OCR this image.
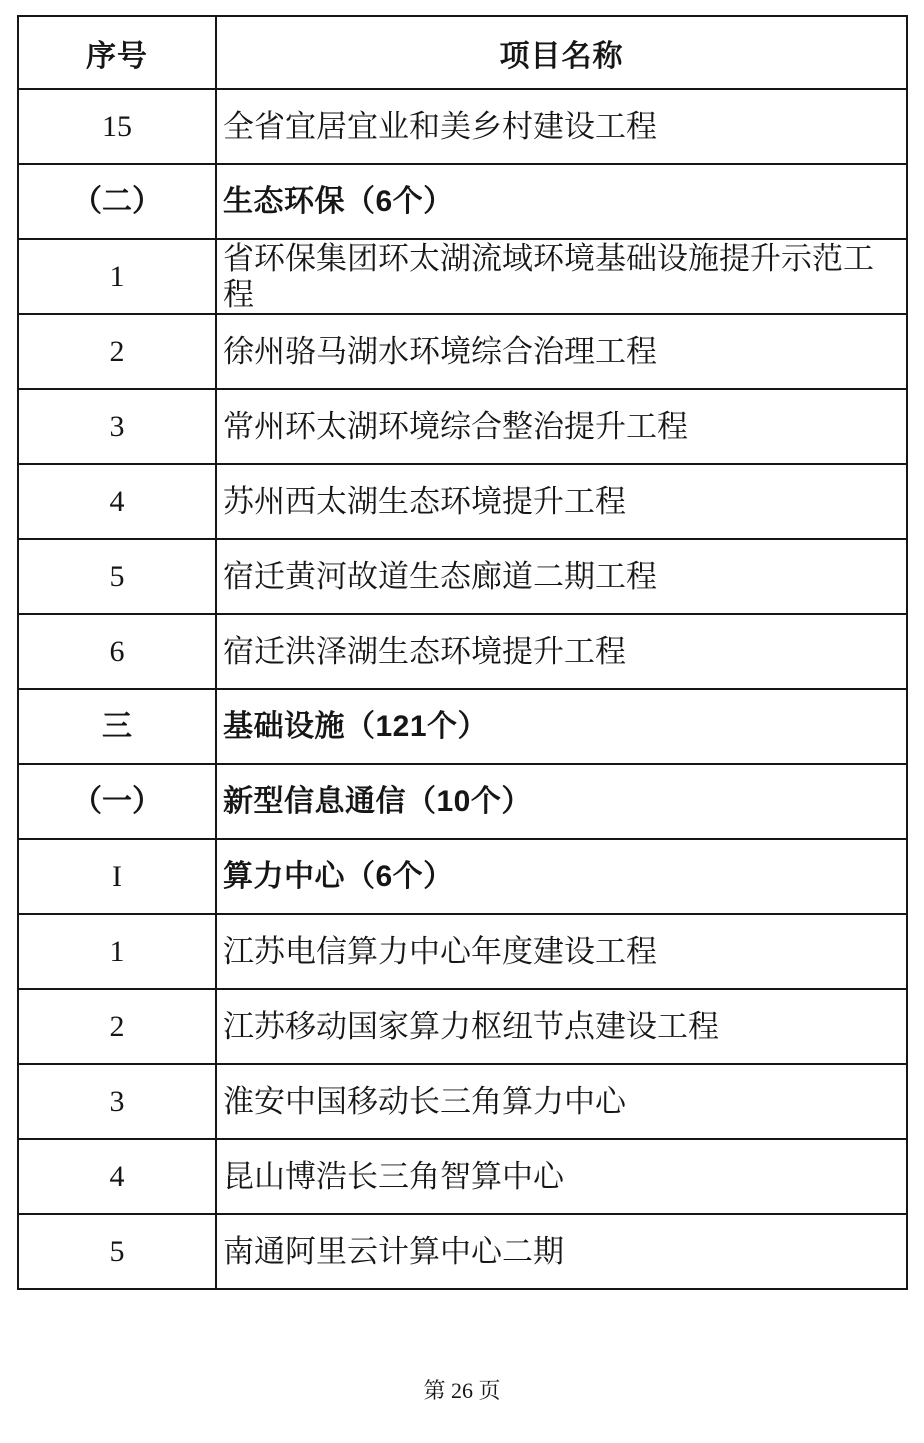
序号	项目名称
15	全省宜居宜业和美乡村建设工程
（二）	生态环保（6个）
1	省环保集团环太湖流域环境基础设施提升示范工程
2	徐州骆马湖水环境综合治理工程
3	常州环太湖环境综合整治提升工程
4	苏州西太湖生态环境提升工程
5	宿迁黄河故道生态廊道二期工程
6	宿迁洪泽湖生态环境提升工程
三	基础设施（121个）
（一）	新型信息通信（10个）
I	算力中心（6个）
1	江苏电信算力中心年度建设工程
2	江苏移动国家算力枢纽节点建设工程
3	淮安中国移动长三角算力中心
4	昆山博浩长三角智算中心
5	南通阿里云计算中心二期
第 26 页
